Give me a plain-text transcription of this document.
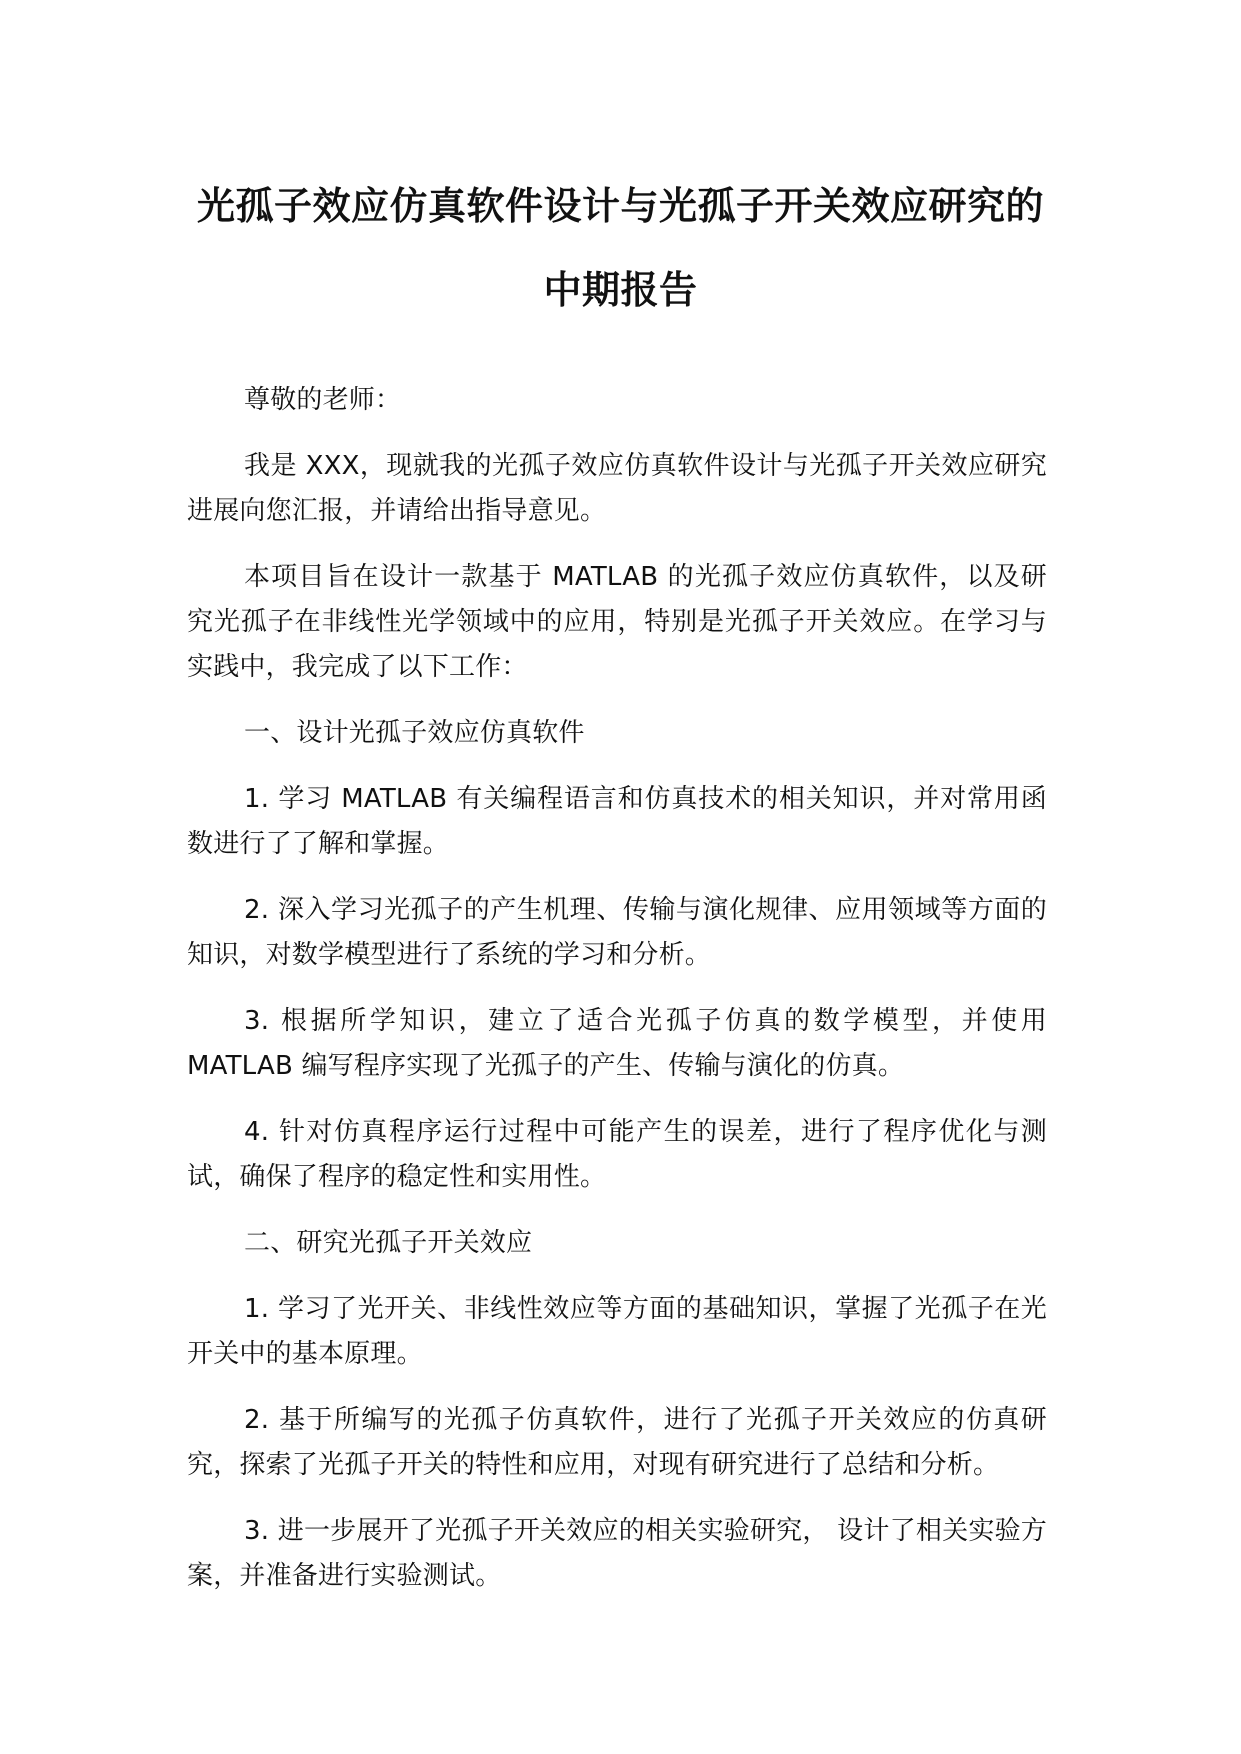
光孤子效应仿真软件设计与光孤子开关效应研究的
中期报告

尊敬的老师：

我是 XXX，现就我的光孤子效应仿真软件设计与光孤子开关效应研究进展向您汇报，并请给出指导意见。

本项目旨在设计一款基于 MATLAB 的光孤子效应仿真软件，以及研究光孤子在非线性光学领域中的应用，特别是光孤子开关效应。在学习与实践中，我完成了以下工作：

一、设计光孤子效应仿真软件

1. 学习 MATLAB 有关编程语言和仿真技术的相关知识，并对常用函数进行了了解和掌握。

2. 深入学习光孤子的产生机理、传输与演化规律、应用领域等方面的知识，对数学模型进行了系统的学习和分析。

3. 根据所学知识，建立了适合光孤子仿真的数学模型，并使用 MATLAB 编写程序实现了光孤子的产生、传输与演化的仿真。

4. 针对仿真程序运行过程中可能产生的误差，进行了程序优化与测试，确保了程序的稳定性和实用性。

二、研究光孤子开关效应

1. 学习了光开关、非线性效应等方面的基础知识，掌握了光孤子在光开关中的基本原理。

2. 基于所编写的光孤子仿真软件，进行了光孤子开关效应的仿真研究，探索了光孤子开关的特性和应用，对现有研究进行了总结和分析。

3. 进一步展开了光孤子开关效应的相关实验研究， 设计了相关实验方案，并准备进行实验测试。
